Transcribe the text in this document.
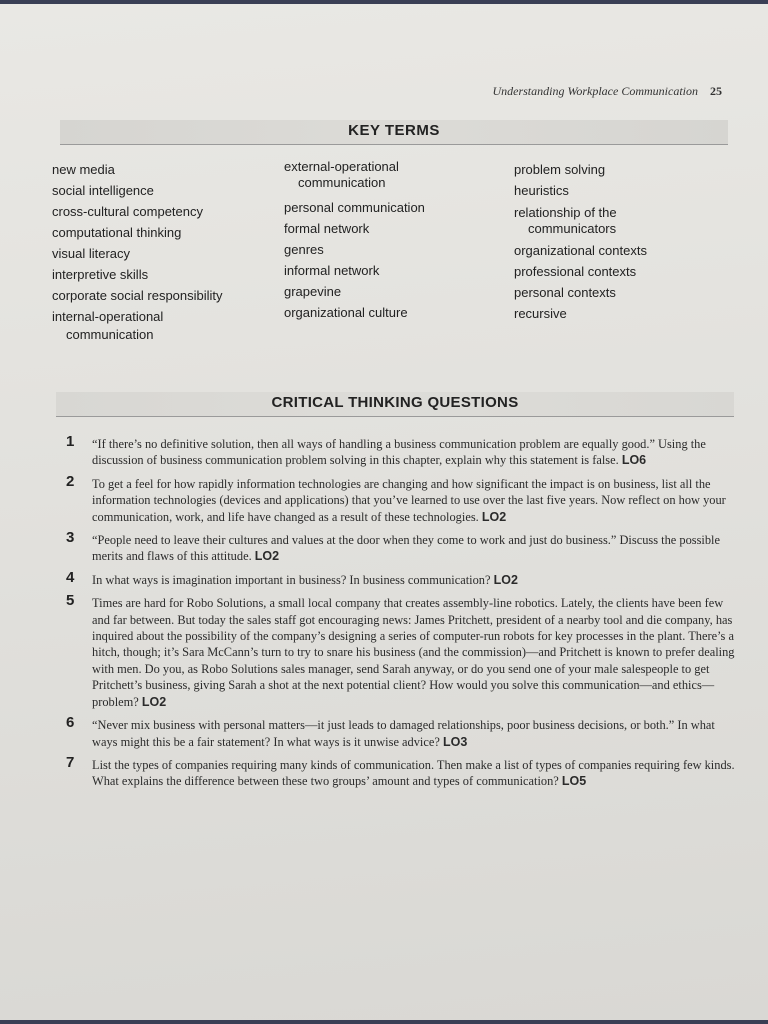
Understanding Workplace Communication 25
KEY TERMS
new media
social intelligence
cross-cultural competency
computational thinking
visual literacy
interpretive skills
corporate social responsibility
internal-operational
communication
external-operational
communication
personal communication
formal network
genres
informal network
grapevine
organizational culture
problem solving
heuristics
relationship of the
communicators
organizational contexts
professional contexts
personal contexts
recursive
CRITICAL THINKING QUESTIONS
1 “If there’s no definitive solution, then all ways of handling a business communication problem are equally good.” Using the discussion of business communication problem solving in this chapter, explain why this statement is false. LO6
2 To get a feel for how rapidly information technologies are changing and how significant the impact is on business, list all the information technologies (devices and applications) that you’ve learned to use over the last five years. Now reflect on how your communication, work, and life have changed as a result of these technologies. LO2
3 “People need to leave their cultures and values at the door when they come to work and just do business.” Discuss the possible merits and flaws of this attitude. LO2
4 In what ways is imagination important in business? In business communication? LO2
5 Times are hard for Robo Solutions, a small local company that creates assembly-line robotics. Lately, the clients have been few and far between. But today the sales staff got encouraging news: James Pritchett, president of a nearby tool and die company, has inquired about the possibility of the company’s designing a series of computer-run robots for key processes in the plant. There’s a hitch, though; it’s Sara McCann’s turn to try to snare his business (and the commission)—and Pritchett is known to prefer dealing with men. Do you, as Robo Solutions sales manager, send Sarah anyway, or do you send one of your male salespeople to get Pritchett’s business, giving Sarah a shot at the next potential client? How would you solve this communication—and ethics—problem? LO2
6 “Never mix business with personal matters—it just leads to damaged relationships, poor business decisions, or both.” In what ways might this be a fair statement? In what ways is it unwise advice? LO3
7 List the types of companies requiring many kinds of communication. Then make a list of types of companies requiring few kinds. What explains the difference between these two groups’ amount and types of communication? LO5
